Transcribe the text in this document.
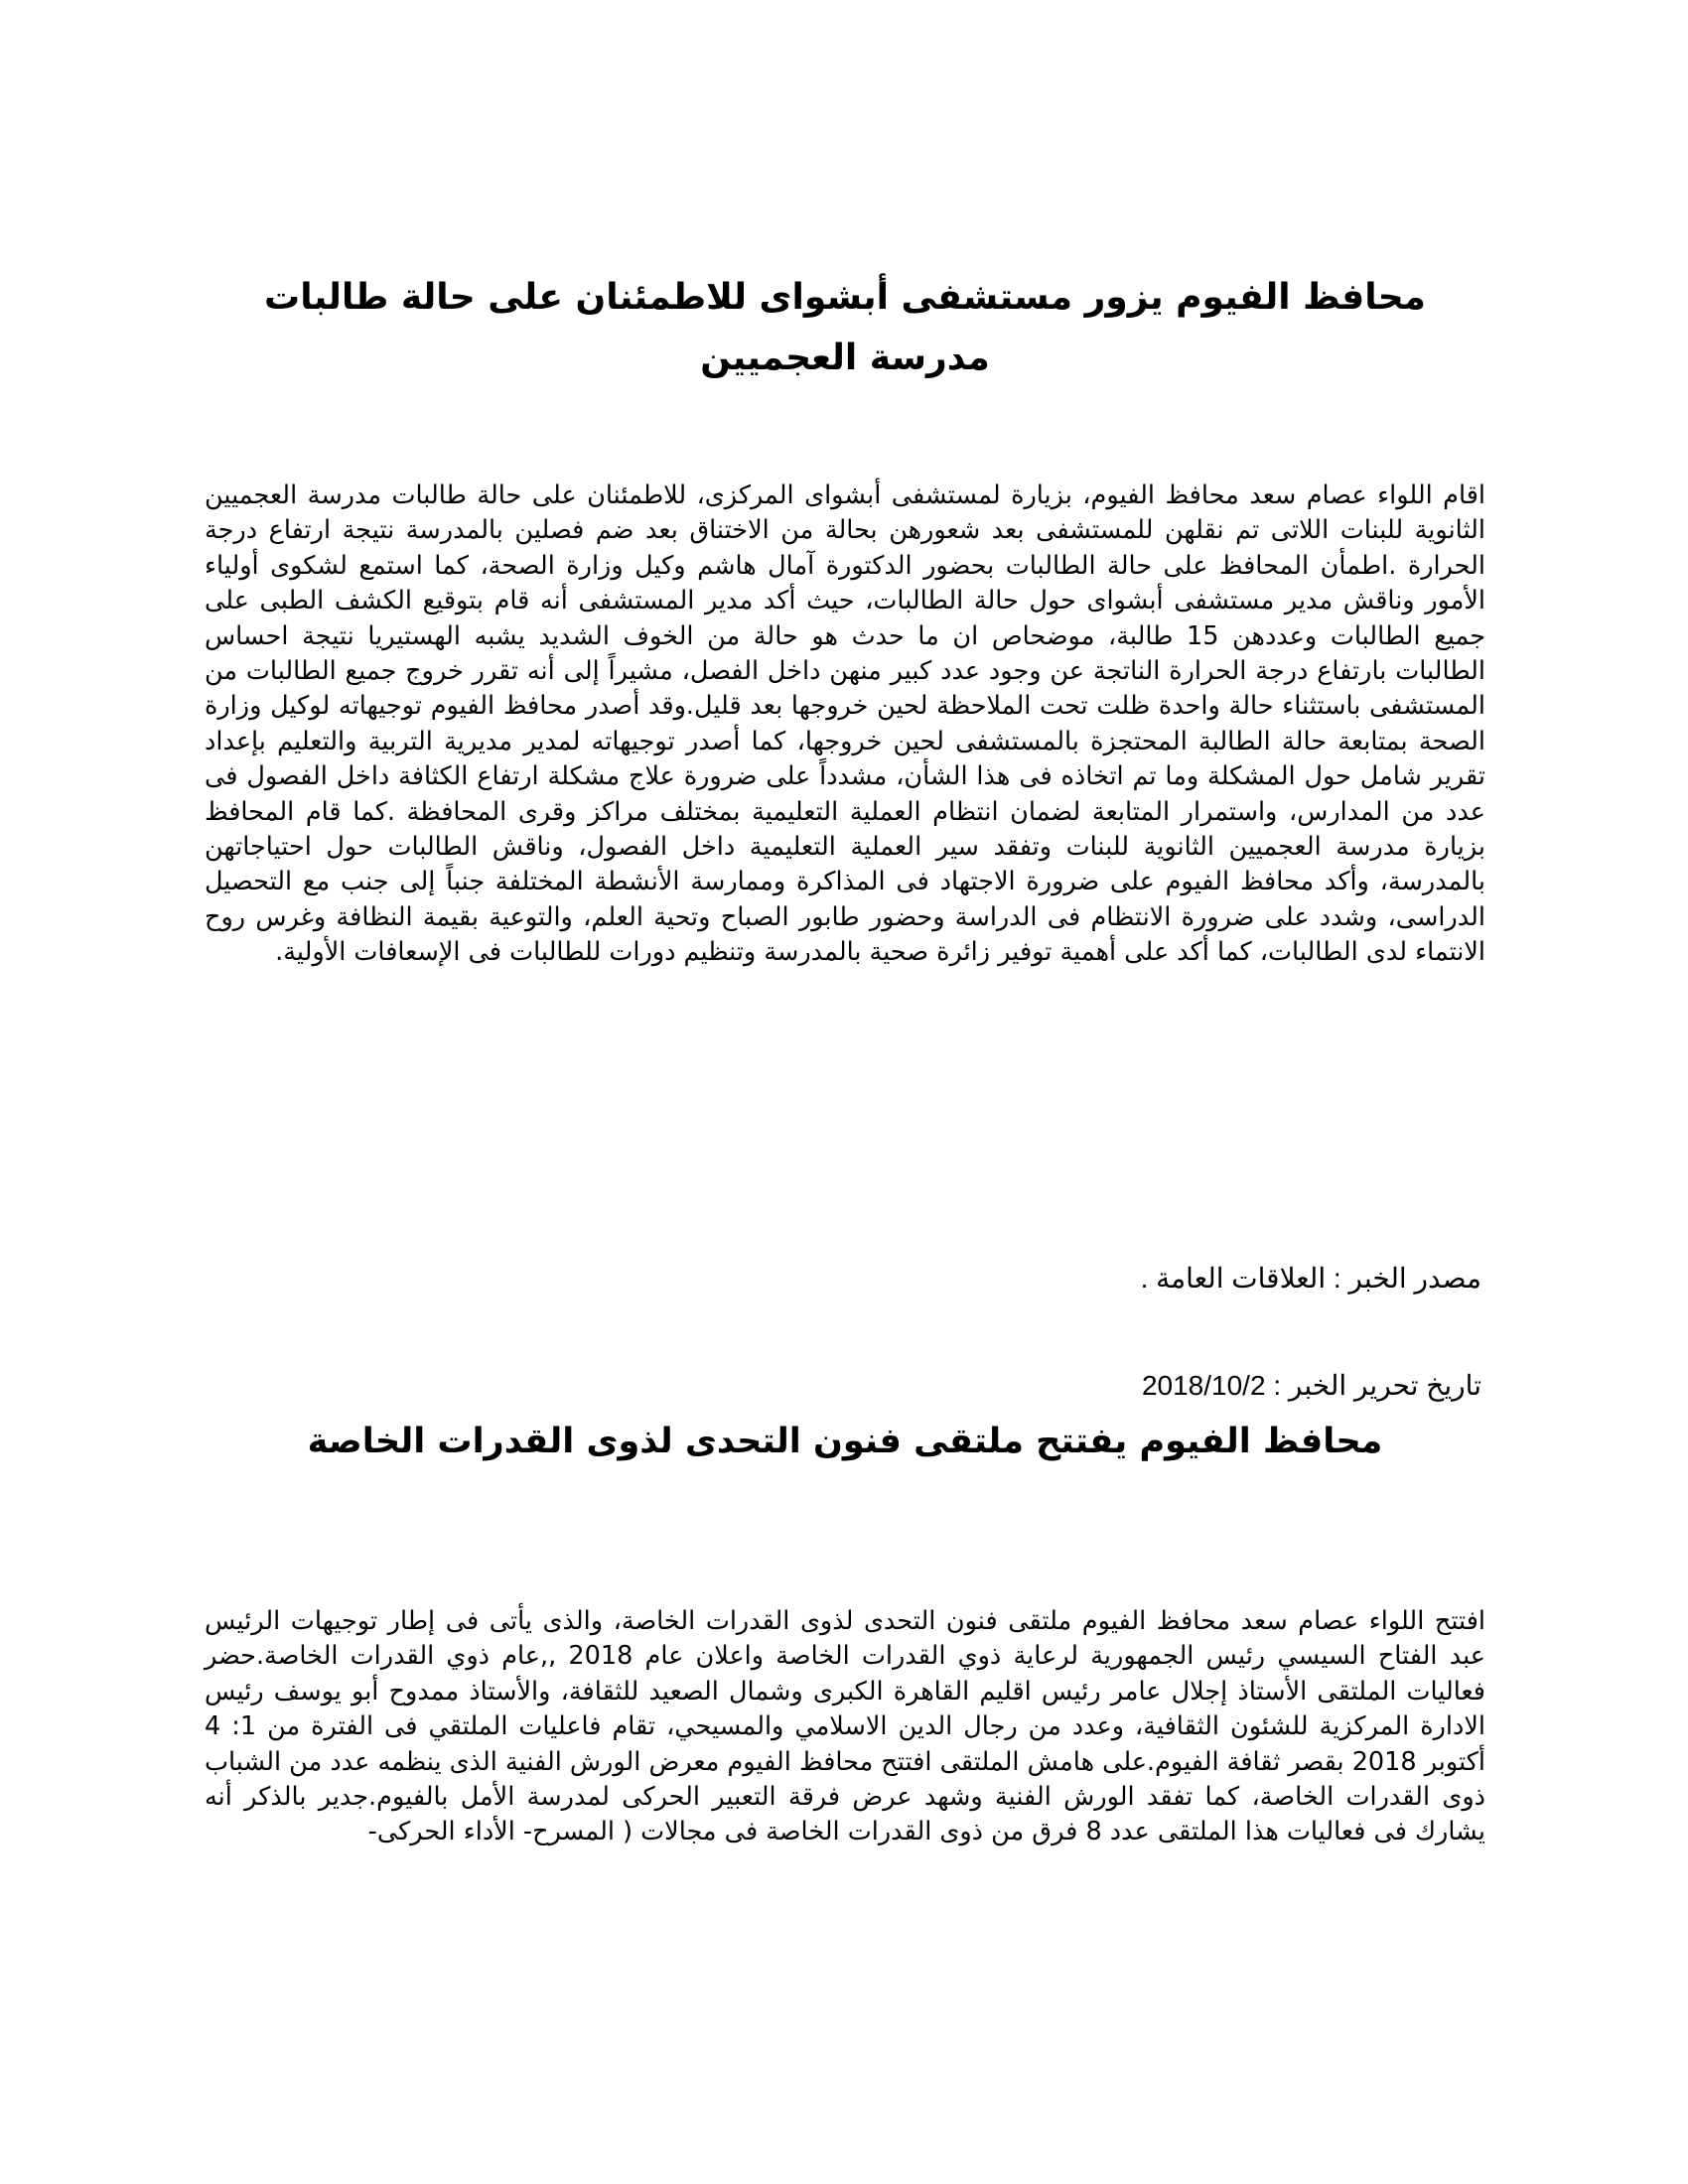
محافظ الفيوم يزور مستشفى أبشواى للاطمئنان على حالة طالبات مدرسة العجميين

اقام اللواء عصام سعد محافظ الفيوم، بزيارة لمستشفى أبشواى المركزى، للاطمئنان على حالة طالبات مدرسة العجميين الثانوية للبنات اللاتى تم نقلهن للمستشفى بعد شعورهن بحالة من الاختناق بعد ضم فصلين بالمدرسة نتيجة ارتفاع درجة الحرارة .اطمأن المحافظ على حالة الطالبات بحضور الدكتورة آمال هاشم وكيل وزارة الصحة، كما استمع لشكوى أولياء الأمور وناقش مدير مستشفى أبشواى حول حالة الطالبات، حيث أكد مدير المستشفى أنه قام بتوقيع الكشف الطبى على جميع الطالبات وعددهن 15 طالبة، موضحاص ان ما حدث هو حالة من الخوف الشديد يشبه الهستيريا نتيجة احساس الطالبات بارتفاع درجة الحرارة الناتجة عن وجود عدد كبير منهن داخل الفصل، مشيراً إلى أنه تقرر خروج جميع الطالبات من المستشفى باستثناء حالة واحدة ظلت تحت الملاحظة لحين خروجها بعد قليل.وقد أصدر محافظ الفيوم توجيهاته لوكيل وزارة الصحة بمتابعة حالة الطالبة المحتجزة بالمستشفى لحين خروجها، كما أصدر توجيهاته لمدير مديرية التربية والتعليم بإعداد تقرير شامل حول المشكلة وما تم اتخاذه فى هذا الشأن، مشدداً على ضرورة علاج مشكلة ارتفاع الكثافة داخل الفصول فى عدد من المدارس، واستمرار المتابعة لضمان انتظام العملية التعليمية بمختلف مراكز وقرى المحافظة .كما قام المحافظ بزيارة مدرسة العجميين الثانوية للبنات وتفقد سير العملية التعليمية داخل الفصول، وناقش الطالبات حول احتياجاتهن بالمدرسة، وأكد محافظ الفيوم على ضرورة الاجتهاد فى المذاكرة وممارسة الأنشطة المختلفة جنباً إلى جنب مع التحصيل الدراسى، وشدد على ضرورة الانتظام فى الدراسة وحضور طابور الصباح وتحية العلم، والتوعية بقيمة النظافة وغرس روح الانتماء لدى الطالبات، كما أكد على أهمية توفير زائرة صحية بالمدرسة وتنظيم دورات للطالبات فى الإسعافات الأولية.

مصدر الخبر : العلاقات العامة .
تاريخ تحرير الخبر : 2018/10/2
محافظ الفيوم يفتتح ملتقى فنون التحدى لذوى القدرات الخاصة

افتتح اللواء عصام سعد محافظ الفيوم ملتقى فنون التحدى لذوى القدرات الخاصة، والذى يأتى فى إطار توجيهات الرئيس عبد الفتاح السيسي رئيس الجمهورية لرعاية ذوي القدرات الخاصة واعلان عام 2018 ,,عام ذوي القدرات الخاصة.حضر فعاليات الملتقى الأستاذ إجلال عامر رئيس اقليم القاهرة الكبرى وشمال الصعيد للثقافة، والأستاذ ممدوح أبو يوسف رئيس الادارة المركزية للشئون الثقافية، وعدد من رجال الدين الاسلامي والمسيحي، تقام فاعليات الملتقي فى الفترة من 1: 4 أكتوبر 2018 بقصر ثقافة الفيوم.على هامش الملتقى افتتح محافظ الفيوم معرض الورش الفنية الذى ينظمه عدد من الشباب ذوى القدرات الخاصة، كما تفقد الورش الفنية وشهد عرض فرقة التعبير الحركى لمدرسة الأمل بالفيوم.جدير بالذكر أنه يشارك فى فعاليات هذا الملتقى عدد 8 فرق من ذوى القدرات الخاصة فى مجالات ( المسرح- الأداء الحركى-
